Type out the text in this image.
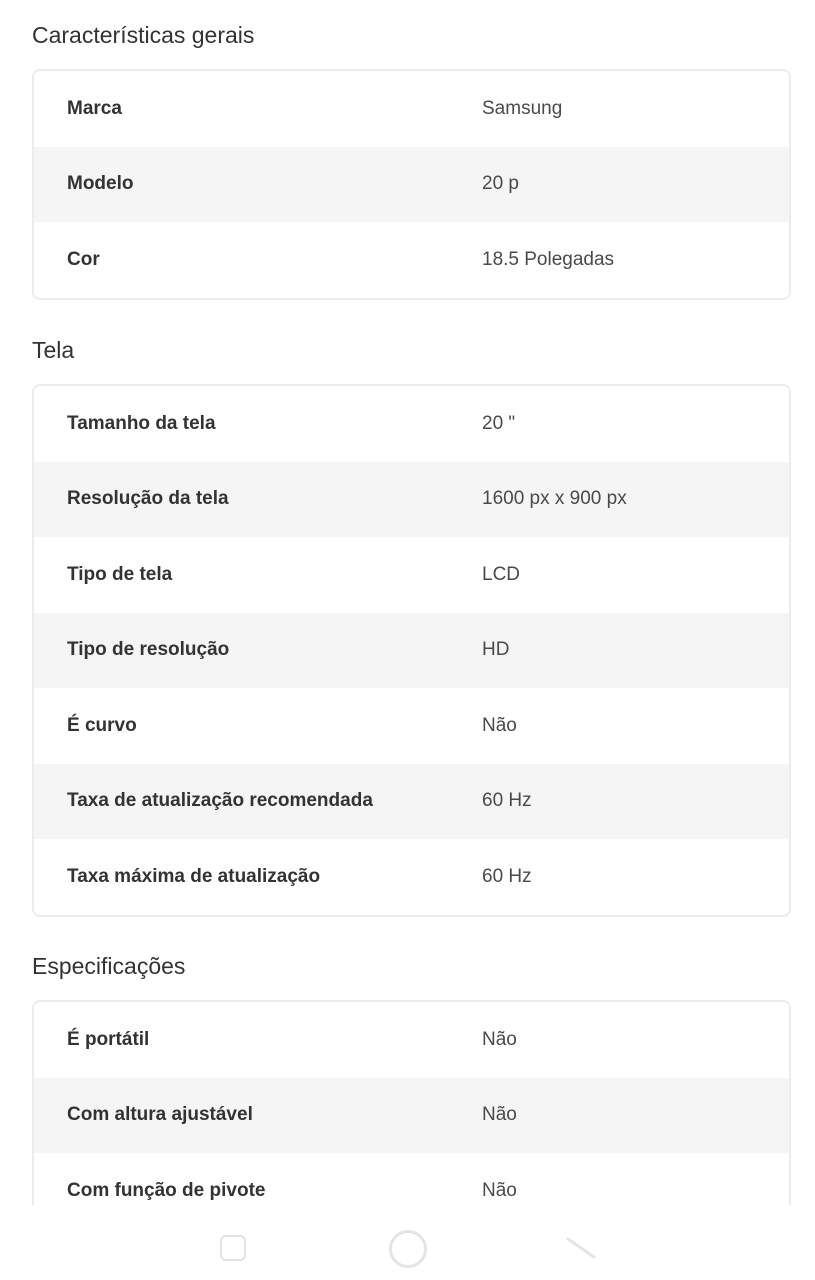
Características gerais
Marca	Samsung
Modelo	20 p
Cor	18.5 Polegadas
Tela
Tamanho da tela	20 "
Resolução da tela	1600 px x 900 px
Tipo de tela	LCD
Tipo de resolução	HD
É curvo	Não
Taxa de atualização recomendada	60 Hz
Taxa máxima de atualização	60 Hz
Especificações
É portátil	Não
Com altura ajustável	Não
Com função de pivote	Não
